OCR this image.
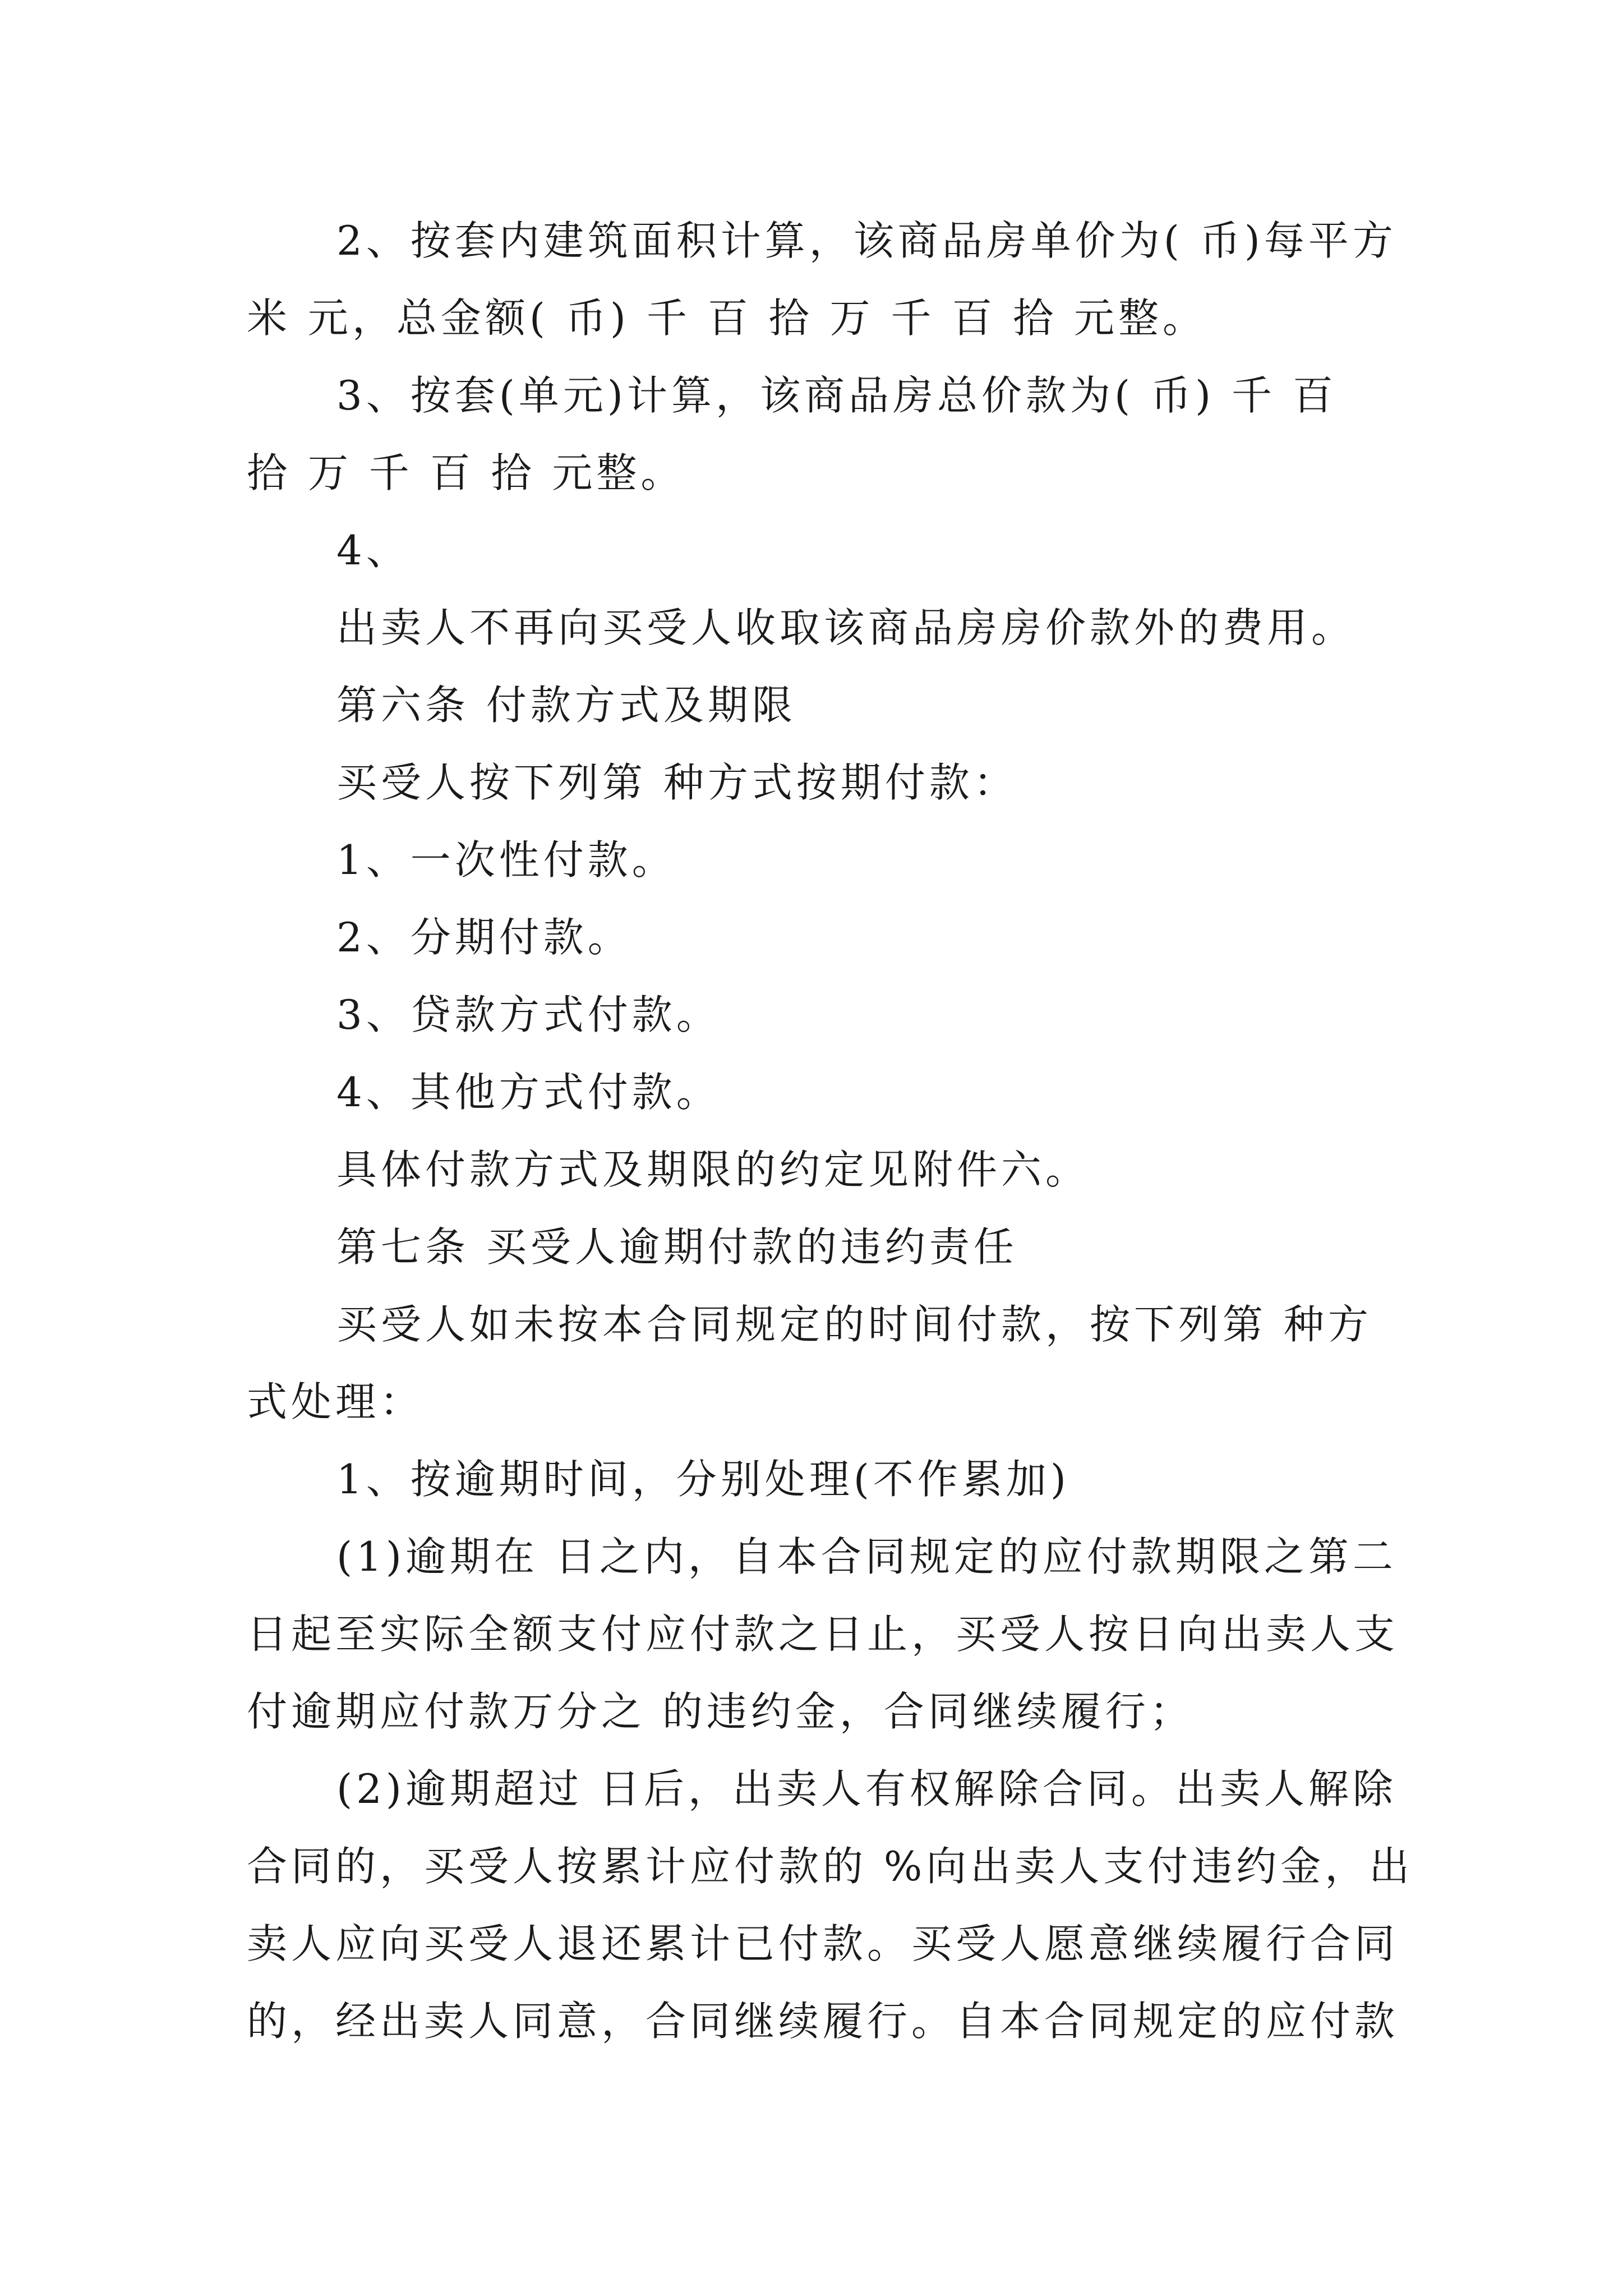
2、按套内建筑面积计算，该商品房单价为( 币)每平方
米 元，总金额( 币) 千 百 拾 万 千 百 拾 元整。
3、按套(单元)计算，该商品房总价款为( 币) 千 百
拾 万 千 百 拾 元整。
4、
出卖人不再向买受人收取该商品房房价款外的费用。
第六条 付款方式及期限
买受人按下列第 种方式按期付款：
1、一次性付款。
2、分期付款。
3、贷款方式付款。
4、其他方式付款。
具体付款方式及期限的约定见附件六。
第七条 买受人逾期付款的违约责任
买受人如未按本合同规定的时间付款，按下列第 种方
式处理：
1、按逾期时间，分别处理(不作累加)
(1)逾期在 日之内，自本合同规定的应付款期限之第二
日起至实际全额支付应付款之日止，买受人按日向出卖人支
付逾期应付款万分之 的违约金，合同继续履行；
(2)逾期超过 日后，出卖人有权解除合同。出卖人解除
合同的，买受人按累计应付款的 %向出卖人支付违约金，出
卖人应向买受人退还累计已付款。买受人愿意继续履行合同
的，经出卖人同意，合同继续履行。自本合同规定的应付款
